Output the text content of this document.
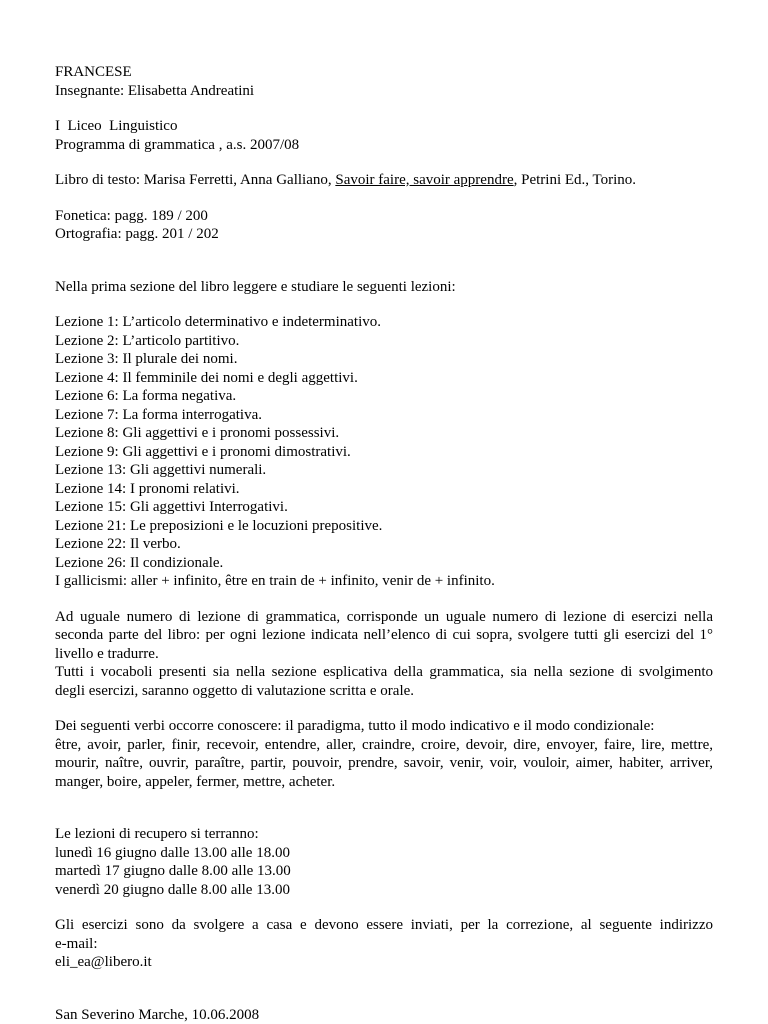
FRANCESE
Insegnante: Elisabetta Andreatini
I  Liceo  Linguistico
Programma di grammatica , a.s. 2007/08
Libro di testo: Marisa Ferretti, Anna Galliano, Savoir faire, savoir apprendre, Petrini Ed., Torino.
Fonetica: pagg. 189 / 200
Ortografia: pagg. 201 / 202
Nella prima sezione del libro leggere e studiare le seguenti lezioni:
Lezione 1: L’articolo determinativo e indeterminativo.
Lezione 2: L’articolo partitivo.
Lezione 3: Il plurale dei nomi.
Lezione 4: Il femminile dei nomi e degli aggettivi.
Lezione 6: La forma negativa.
Lezione 7: La forma interrogativa.
Lezione 8: Gli aggettivi e i pronomi possessivi.
Lezione 9: Gli aggettivi e i pronomi dimostrativi.
Lezione 13: Gli aggettivi numerali.
Lezione 14: I pronomi relativi.
Lezione 15: Gli aggettivi Interrogativi.
Lezione 21: Le preposizioni e le locuzioni prepositive.
Lezione 22: Il verbo.
Lezione 26: Il condizionale.
I gallicismi: aller + infinito, être en train de + infinito, venir de + infinito.
Ad uguale numero di lezione di grammatica, corrisponde un uguale numero di lezione di esercizi nella
seconda parte del libro: per ogni lezione indicata nell’elenco di cui sopra, svolgere tutti gli esercizi del 1°
livello e tradurre.
Tutti i vocaboli presenti sia nella sezione esplicativa della grammatica, sia nella sezione di svolgimento
degli esercizi, saranno oggetto di valutazione scritta e orale.
Dei seguenti verbi occorre conoscere: il paradigma, tutto il modo indicativo e il modo condizionale:
être, avoir, parler, finir, recevoir, entendre, aller, craindre, croire, devoir, dire, envoyer, faire, lire, mettre,
mourir, naître, ouvrir, paraître, partir, pouvoir, prendre, savoir, venir, voir, vouloir, aimer, habiter, arriver,
manger, boire, appeler, fermer, mettre, acheter.
Le lezioni di recupero si terranno:
lunedì 16 giugno dalle 13.00 alle 18.00
martedì 17 giugno dalle 8.00 alle 13.00
venerdì 20 giugno dalle 8.00 alle 13.00
Gli esercizi sono da svolgere a casa e devono essere inviati, per la correzione, al seguente indirizzo
e-mail:
eli_ea@libero.it
San Severino Marche, 10.06.2008
